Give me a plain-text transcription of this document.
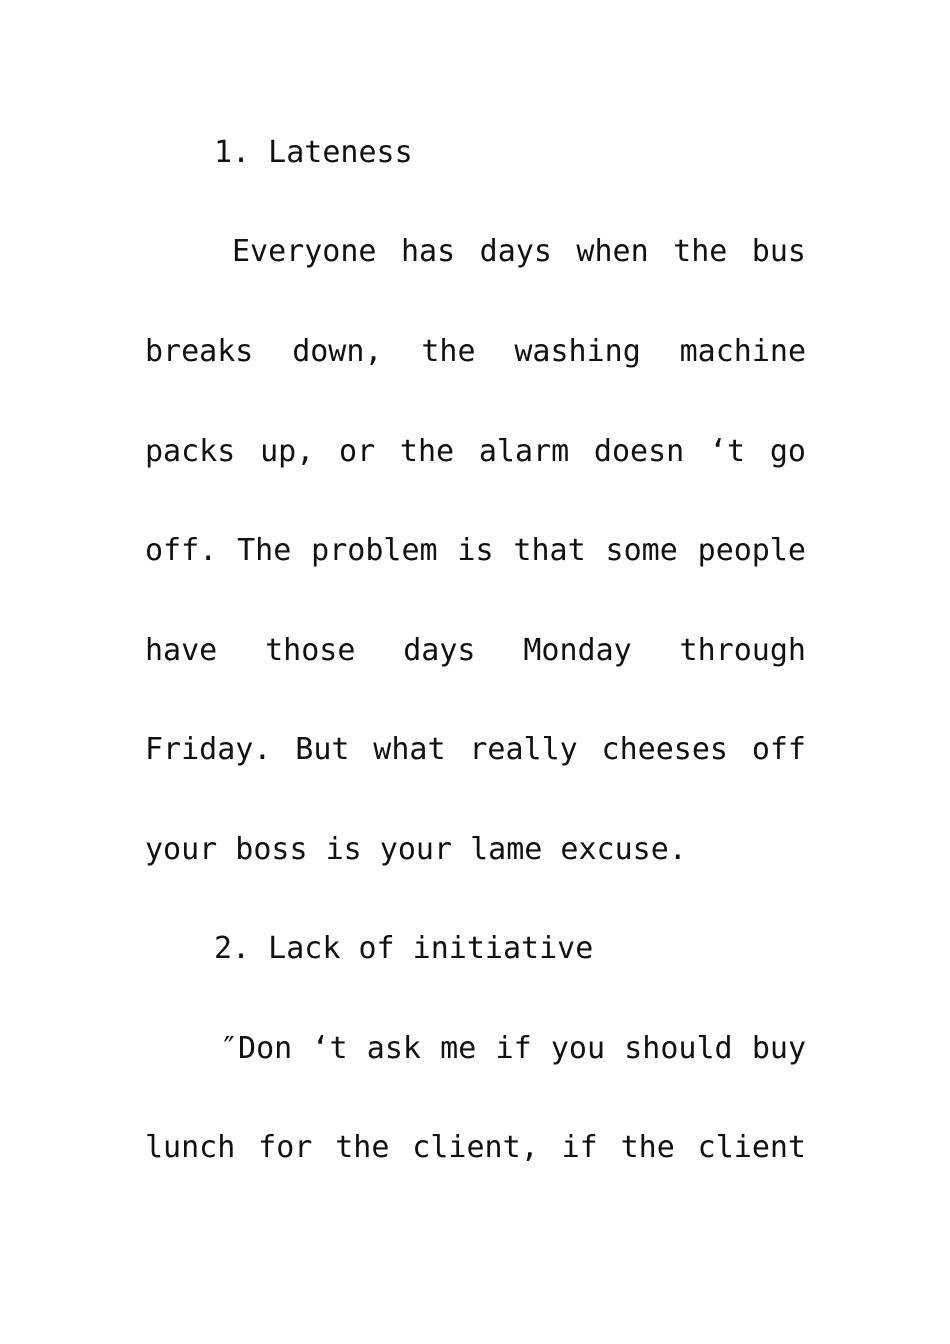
1. Lateness
Everyone has days when the bus
breaks down, the washing machine
packs up, or the alarm doesn ‘t go
off. The problem is that some people
have those days Monday through
Friday. But what really cheeses off
your boss is your lame excuse.
2. Lack of initiative
″Don ‘t ask me if you should buy
lunch for the client, if the client
